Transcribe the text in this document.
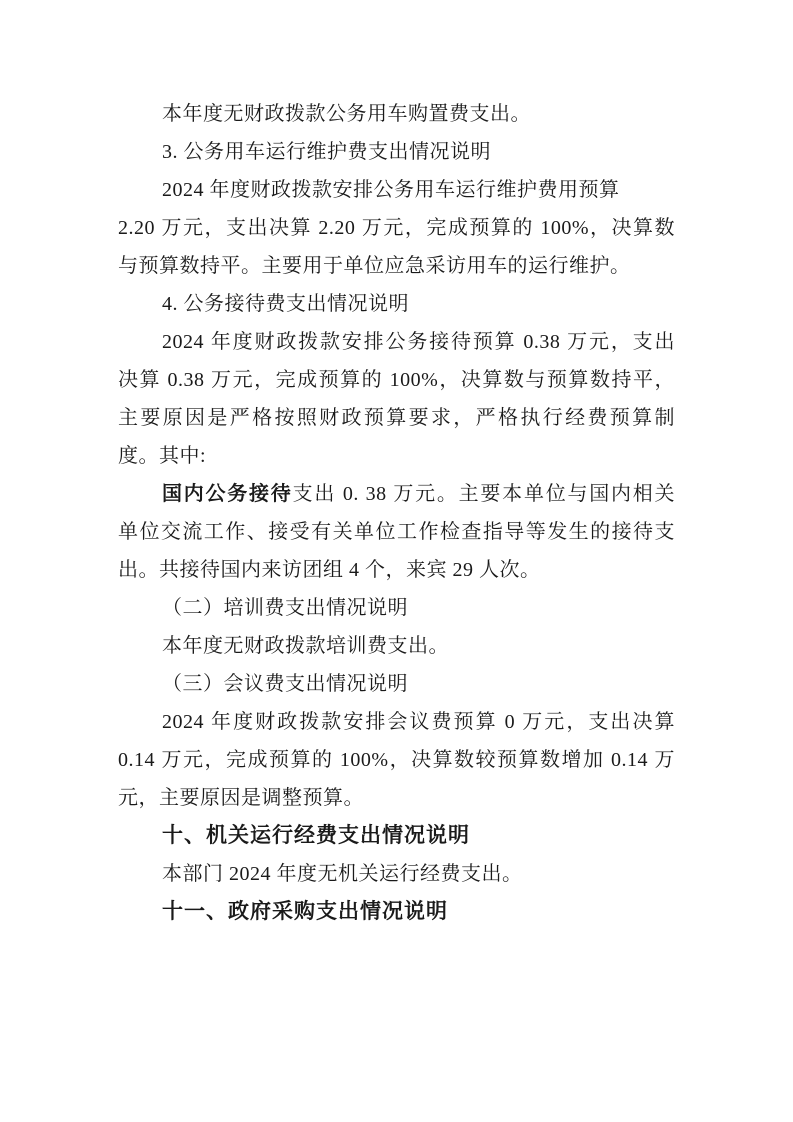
本年度无财政拨款公务用车购置费支出。
3. 公务用车运行维护费支出情况说明
2024 年度财政拨款安排公务用车运行维护费用预算
2.20 万元，支出决算 2.20 万元，完成预算的 100%，决算数
与预算数持平。主要用于单位应急采访用车的运行维护。
4. 公务接待费支出情况说明
2024 年度财政拨款安排公务接待预算 0.38 万元，支出
决算 0.38 万元，完成预算的 100%，决算数与预算数持平，
主要原因是严格按照财政预算要求，严格执行经费预算制
度。其中:
国内公务接待支出 0. 38 万元。主要本单位与国内相关
单位交流工作、接受有关单位工作检查指导等发生的接待支
出。共接待国内来访团组 4 个，来宾 29 人次。
（二）培训费支出情况说明
本年度无财政拨款培训费支出。
（三）会议费支出情况说明
2024 年度财政拨款安排会议费预算 0 万元，支出决算
0.14 万元，完成预算的 100%，决算数较预算数增加 0.14 万
元，主要原因是调整预算。
十、机关运行经费支出情况说明
本部门 2024 年度无机关运行经费支出。
十一、政府采购支出情况说明
